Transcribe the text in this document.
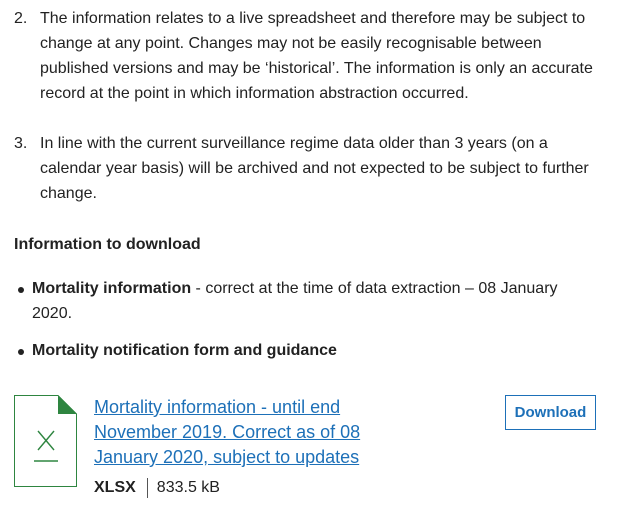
2. The information relates to a live spreadsheet and therefore may be subject to change at any point. Changes may not be easily recognisable between published versions and may be ‘historical’. The information is only an accurate record at the point in which information abstraction occurred.
3. In line with the current surveillance regime data older than 3 years (on a calendar year basis) will be archived and not expected to be subject to further change.
Information to download
Mortality information - correct at the time of data extraction – 08 January 2020.
Mortality notification form and guidance
Mortality information - until end November 2019. Correct as of 08 January 2020, subject to updates
XLSX 833.5 kB
Download
